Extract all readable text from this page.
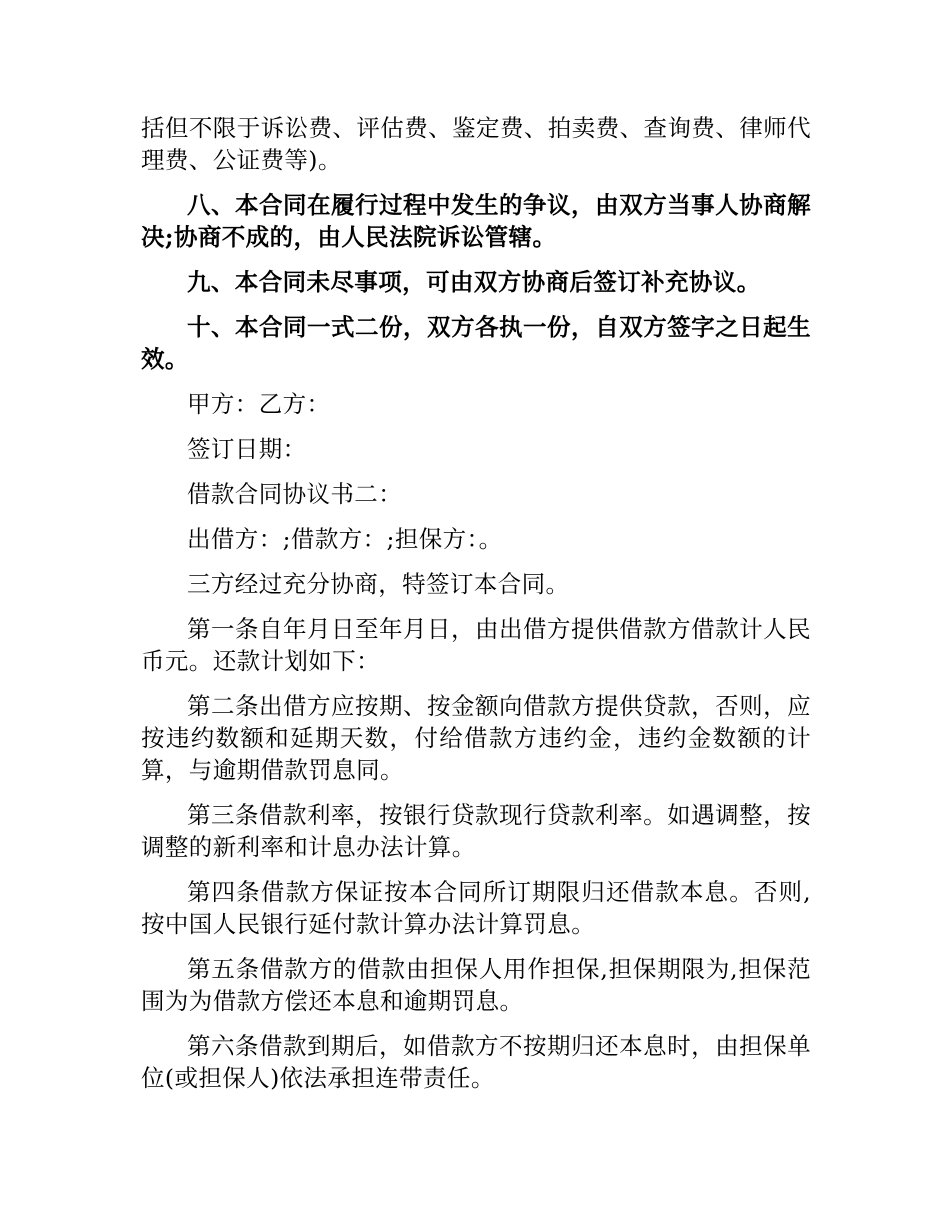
括但不限于诉讼费、评估费、鉴定费、拍卖费、查询费、律师代理费、公证费等)。

八、本合同在履行过程中发生的争议，由双方当事人协商解决;协商不成的，由人民法院诉讼管辖。

九、本合同未尽事项，可由双方协商后签订补充协议。

十、本合同一式二份，双方各执一份，自双方签字之日起生效。

甲方：乙方：

签订日期：

借款合同协议书二：

出借方：;借款方：;担保方：。

三方经过充分协商，特签订本合同。

第一条自年月日至年月日，由出借方提供借款方借款计人民币元。还款计划如下：

第二条出借方应按期、按金额向借款方提供贷款，否则，应按违约数额和延期天数，付给借款方违约金，违约金数额的计算，与逾期借款罚息同。

第三条借款利率，按银行贷款现行贷款利率。如遇调整，按调整的新利率和计息办法计算。

第四条借款方保证按本合同所订期限归还借款本息。否则,按中国人民银行延付款计算办法计算罚息。

第五条借款方的借款由担保人用作担保,担保期限为,担保范围为为借款方偿还本息和逾期罚息。

第六条借款到期后，如借款方不按期归还本息时，由担保单位(或担保人)依法承担连带责任。
